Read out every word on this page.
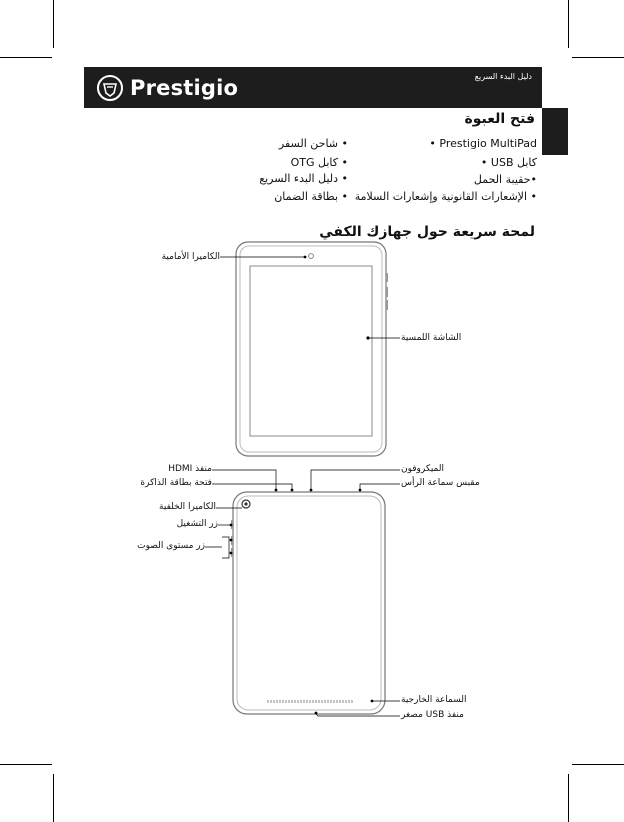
Prestigio	دليل البدء السريع
فتح العبوة
Prestigio MultiPad •
كابل USB •
•حقيبة الحمل
• الإشعارات القانونية وإشعارات السلامة
• شاحن السفر
• كابل OTG
• دليل البدء السريع
• بطاقة الضمان
لمحة سريعة حول جهازك الكفي
الكاميرا الأمامية
الشاشة اللمسية
منفذ HDMI
فتحة بطاقة الذاكرة
الكاميرا الخلفية
زر التشغيل
زر مستوى الصوت
الميكروفون
مقبس سماعة الرأس
السماعة الخارجية
منفذ USB مصغر
